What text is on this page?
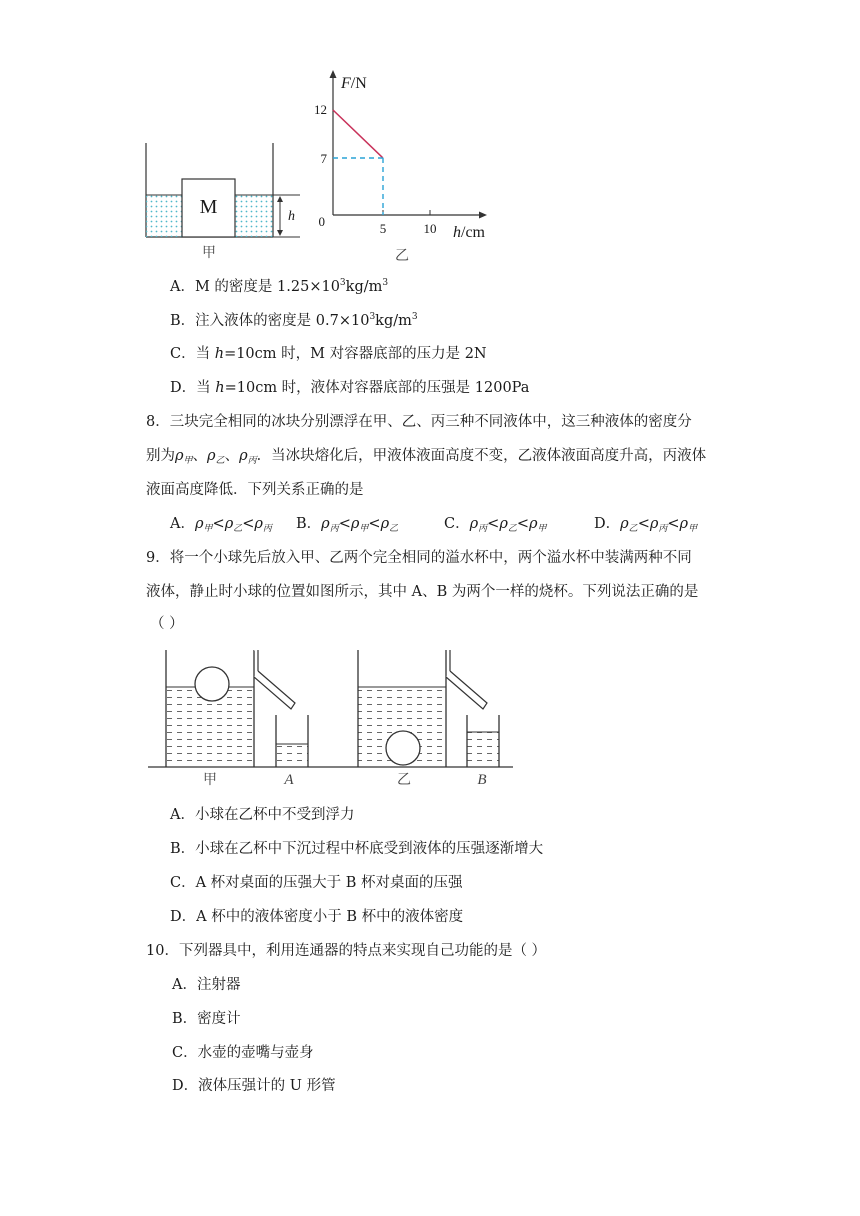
M	h
甲
F/N
12
7
0	5	10 h/cm
乙
A．M 的密度是 $1.25\times 10^3kg/m^3$
B．注入液体的密度是 $0.7\times 10^3kg/m^3$
C．当 h=10cm 时，M 对容器底部的压力是 2N
D．当 h=10cm 时，液体对容器底部的压强是 1200Pa
8．三块完全相同的冰块分别漂浮在甲、乙、丙三种不同液体中，这三种液体的密度分
别为$\rho_甲$、$\rho_乙$、$\rho_丙$．当冰块熔化后，甲液体液面高度不变，乙液体液面高度升高，丙液体
液面高度降低．下列关系正确的是
A．$\rho_甲<\rho_乙<\rho_丙$ B．$\rho_丙<\rho_甲<\rho_乙$	C．$\rho_丙<\rho_乙<\rho_甲$	D．$\rho_乙<\rho_丙<\rho_甲$
9．将一个小球先后放入甲、乙两个完全相同的溢水杯中，两个溢水杯中装满两种不同
液体，静止时小球的位置如图所示，其中 A、B 为两个一样的烧杯。下列说法正确的是
（ ）
甲	A	乙	B
A．小球在乙杯中不受到浮力
B．小球在乙杯中下沉过程中杯底受到液体的压强逐渐增大
C．A 杯对桌面的压强大于 B 杯对桌面的压强
D．A 杯中的液体密度小于 B 杯中的液体密度
10．下列器具中，利用连通器的特点来实现自己功能的是（ ）
A．注射器
B．密度计
C．水壶的壶嘴与壶身
D．液体压强计的 U 形管
